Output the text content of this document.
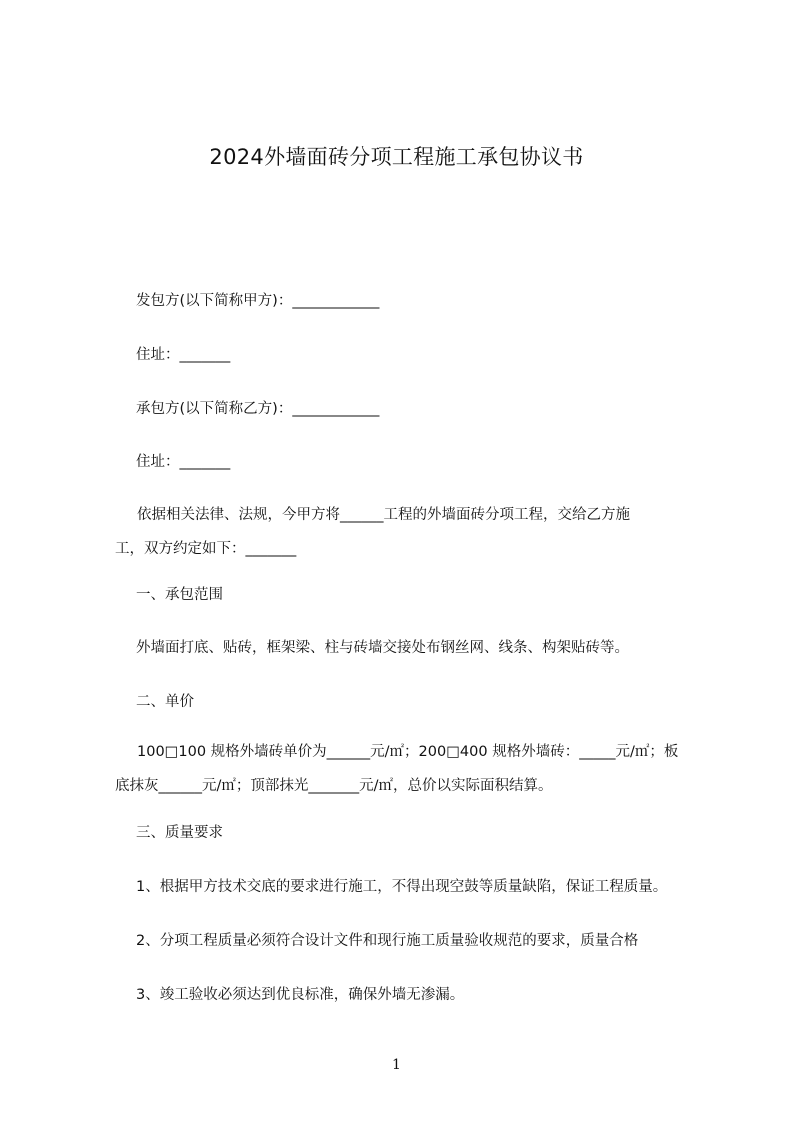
2024外墙面砖分项工程施工承包协议书
发包方(以下简称甲方)：____________
住址：_______
承包方(以下简称乙方)：____________
住址：_______
依据相关法律、法规，今甲方将______工程的外墙面砖分项工程，交给乙方施
工，双方约定如下：_______
一、承包范围
外墙面打底、贴砖，框架梁、柱与砖墙交接处布钢丝网、线条、构架贴砖等。
二、单价
100□100 规格外墙砖单价为______元/㎡；200□400 规格外墙砖：_____元/㎡；板
底抹灰______元/㎡；顶部抹光_______元/㎡，总价以实际面积结算。
三、质量要求
1、根据甲方技术交底的要求进行施工，不得出现空鼓等质量缺陷，保证工程质量。
2、分项工程质量必须符合设计文件和现行施工质量验收规范的要求，质量合格
3、竣工验收必须达到优良标准，确保外墙无渗漏。
1
